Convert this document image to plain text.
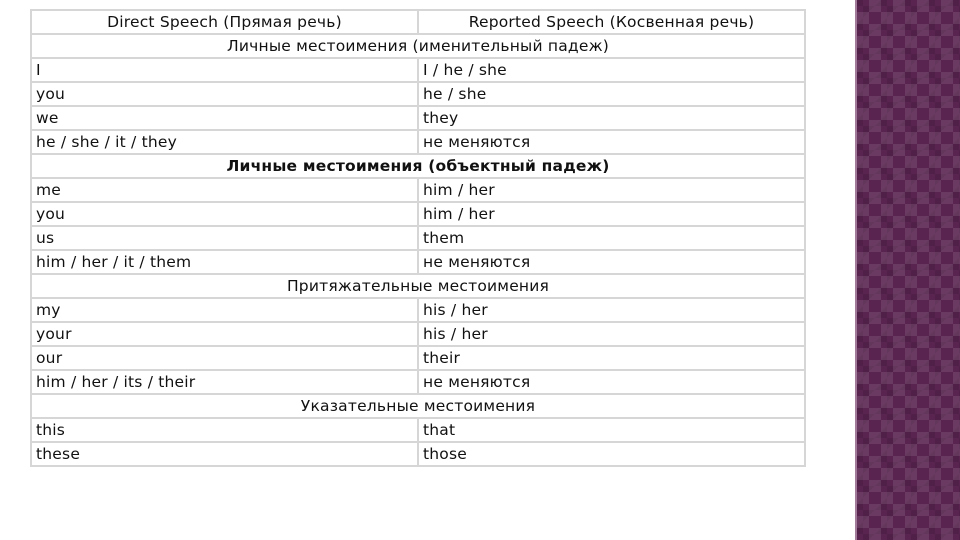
Direct Speech (Прямая речь)	Reported Speech (Косвенная речь)
Личные местоимения (именительный падеж)	
I	I / he / she
you	he / she
we	they
he / she / it / they	не меняются
Личные местоимения (объектный падеж)	
me	him / her
you	him / her
us	them
him / her / it / them	не меняются
Притяжательные местоимения	
my	his / her
your	his / her
our	their
him / her / its / their	не меняются
Указательные местоимения	
this	that
these	those
